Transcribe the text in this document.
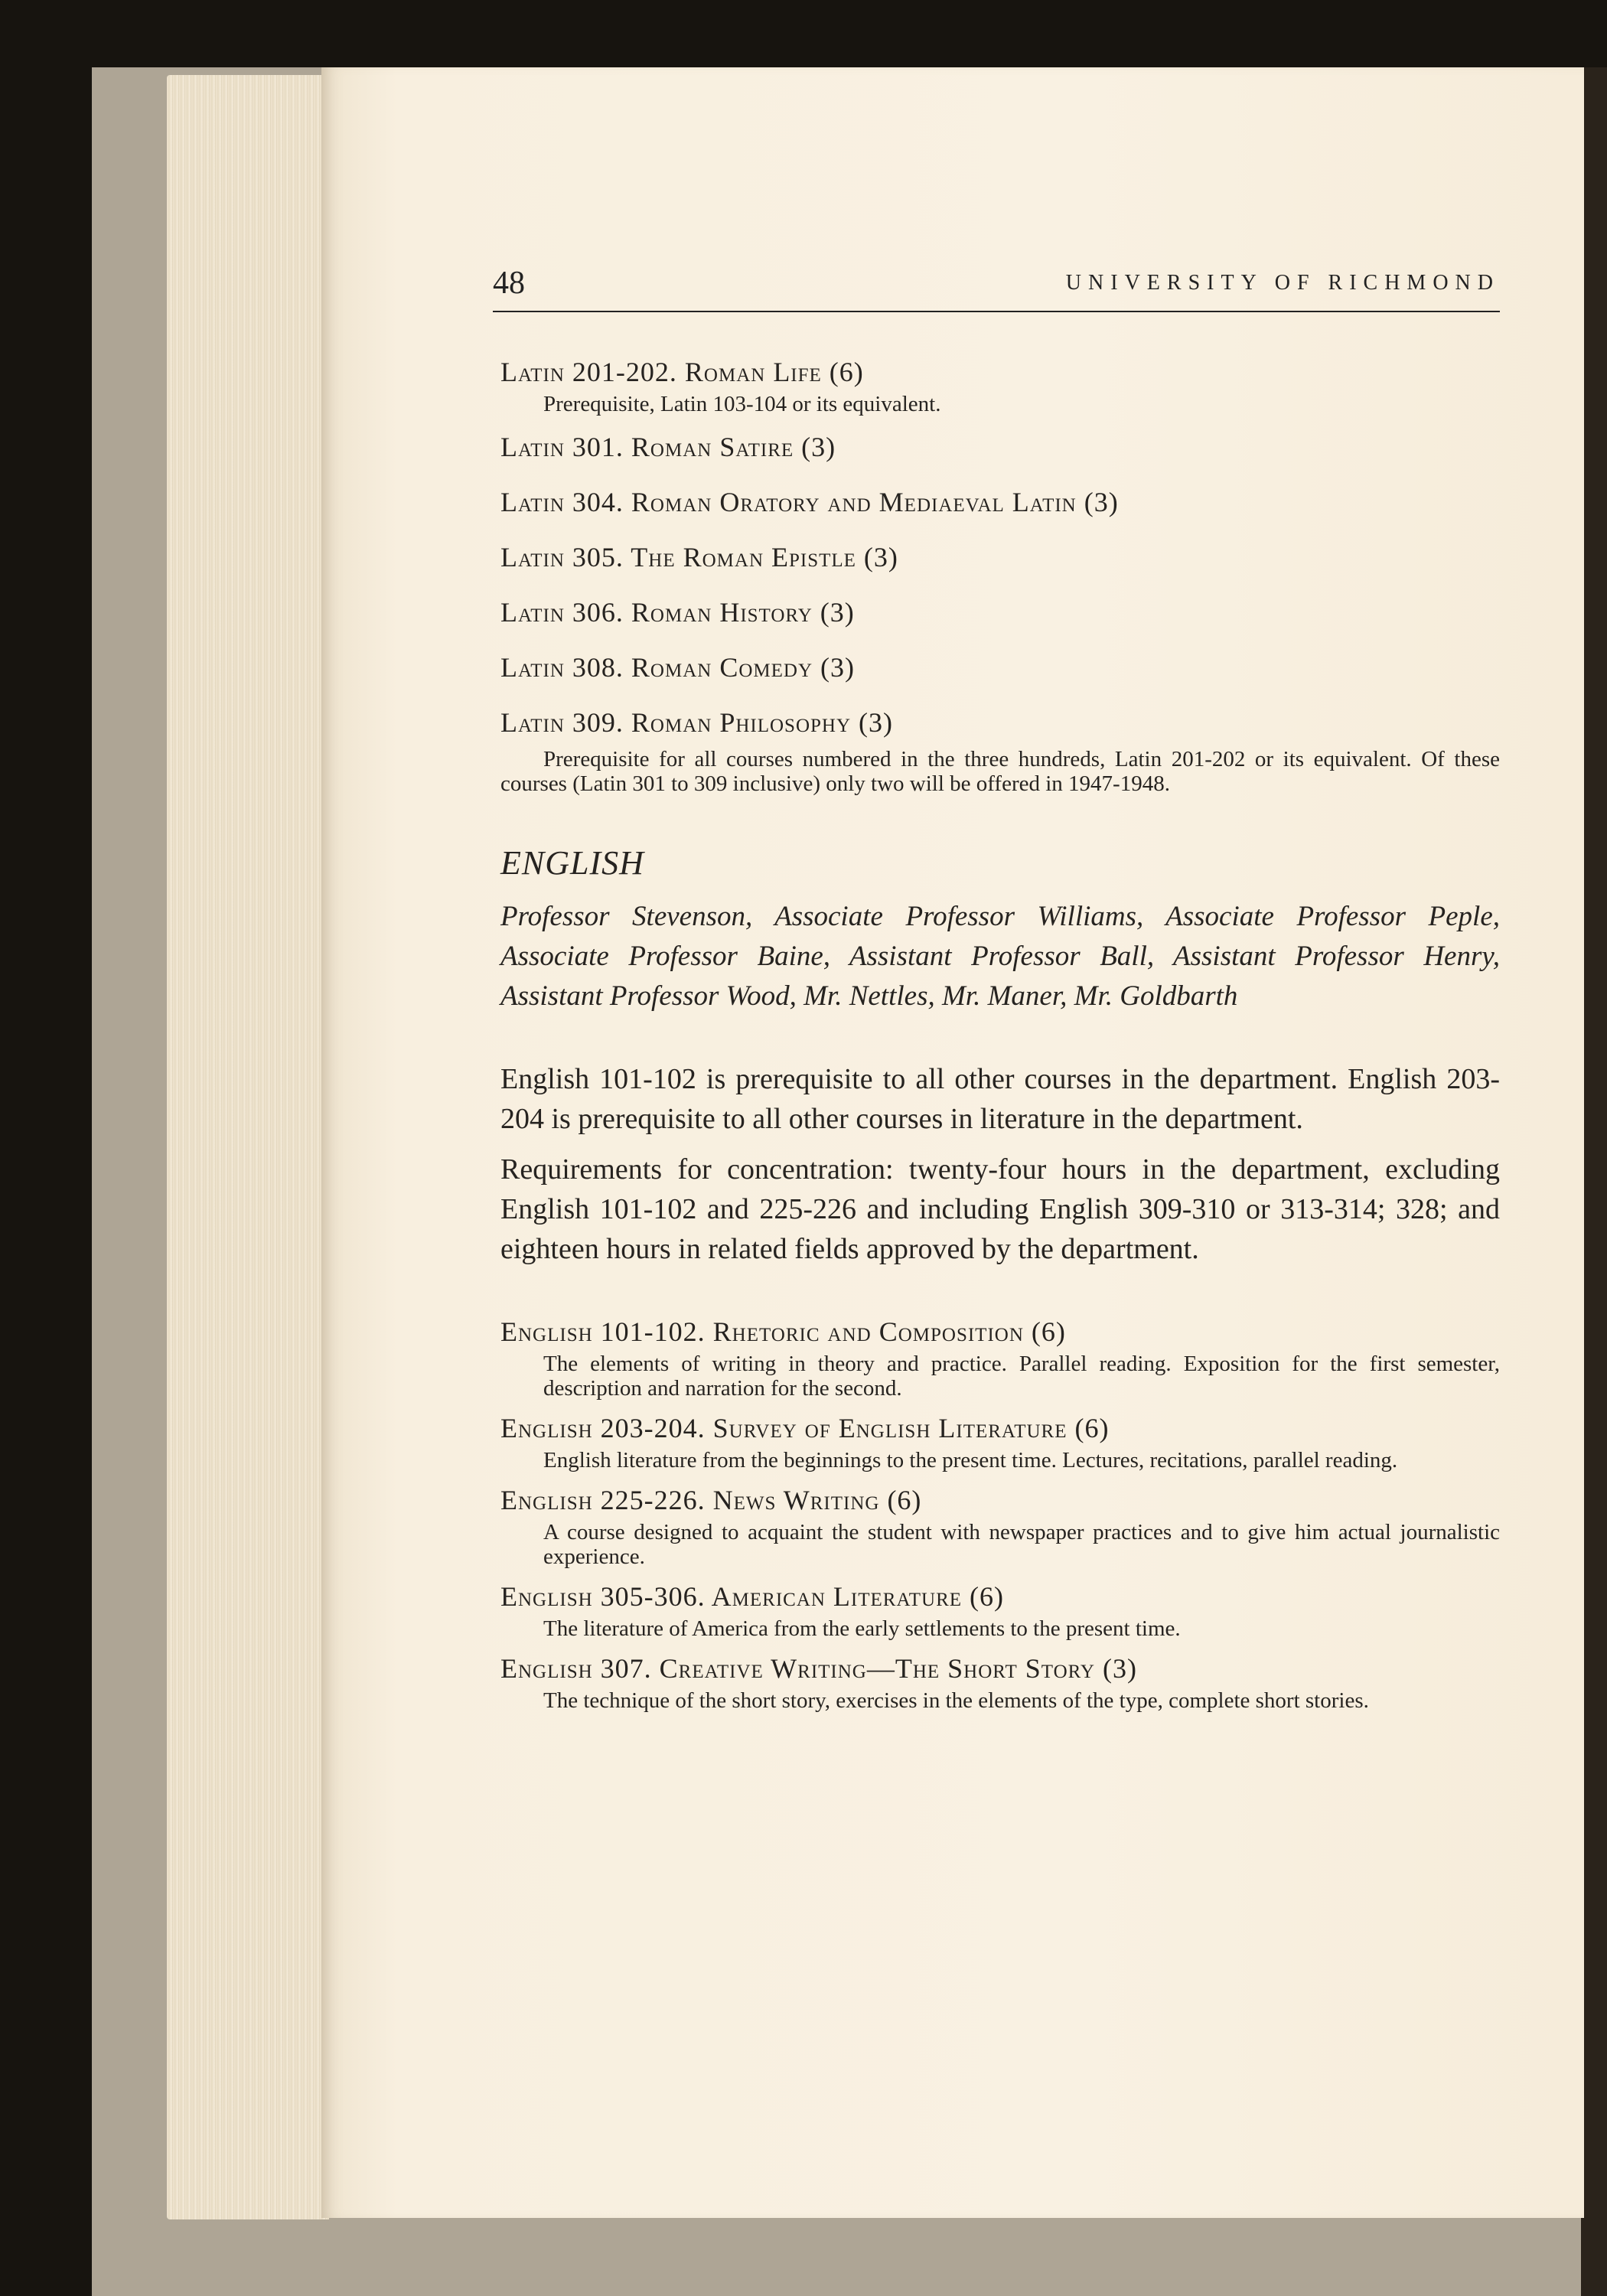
48	UNIVERSITY OF RICHMOND
Latin 201-202. Roman Life (6)
Prerequisite, Latin 103-104 or its equivalent.
Latin 301. Roman Satire (3)
Latin 304. Roman Oratory and Mediaeval Latin (3)
Latin 305. The Roman Epistle (3)
Latin 306. Roman History (3)
Latin 308. Roman Comedy (3)
Latin 309. Roman Philosophy (3)

Prerequisite for all courses numbered in the three hundreds, Latin 201-202 or its equivalent. Of these courses (Latin 301 to 309 inclusive) only two will be offered in 1947-1948.

ENGLISH
Professor Stevenson, Associate Professor Williams, Associate Professor Peple, Associate Professor Baine, Assistant Professor Ball, Assistant Professor Henry, Assistant Professor Wood, Mr. Nettles, Mr. Maner, Mr. Goldbarth
English 101-102 is prerequisite to all other courses in the department. English 203-204 is prerequisite to all other courses in literature in the department.
Requirements for concentration: twenty-four hours in the department, excluding English 101-102 and 225-226 and including English 309-310 or 313-314; 328; and eighteen hours in related fields approved by the department.
English 101-102. Rhetoric and Composition (6)
The elements of writing in theory and practice. Parallel reading. Exposition for the first semester, description and narration for the second.
English 203-204. Survey of English Literature (6)
English literature from the beginnings to the present time. Lectures, recitations, parallel reading.
English 225-226. News Writing (6)
A course designed to acquaint the student with newspaper practices and to give him actual journalistic experience.
English 305-306. American Literature (6)
The literature of America from the early settlements to the present time.
English 307. Creative Writing—The Short Story (3)
The technique of the short story, exercises in the elements of the type, complete short stories.
